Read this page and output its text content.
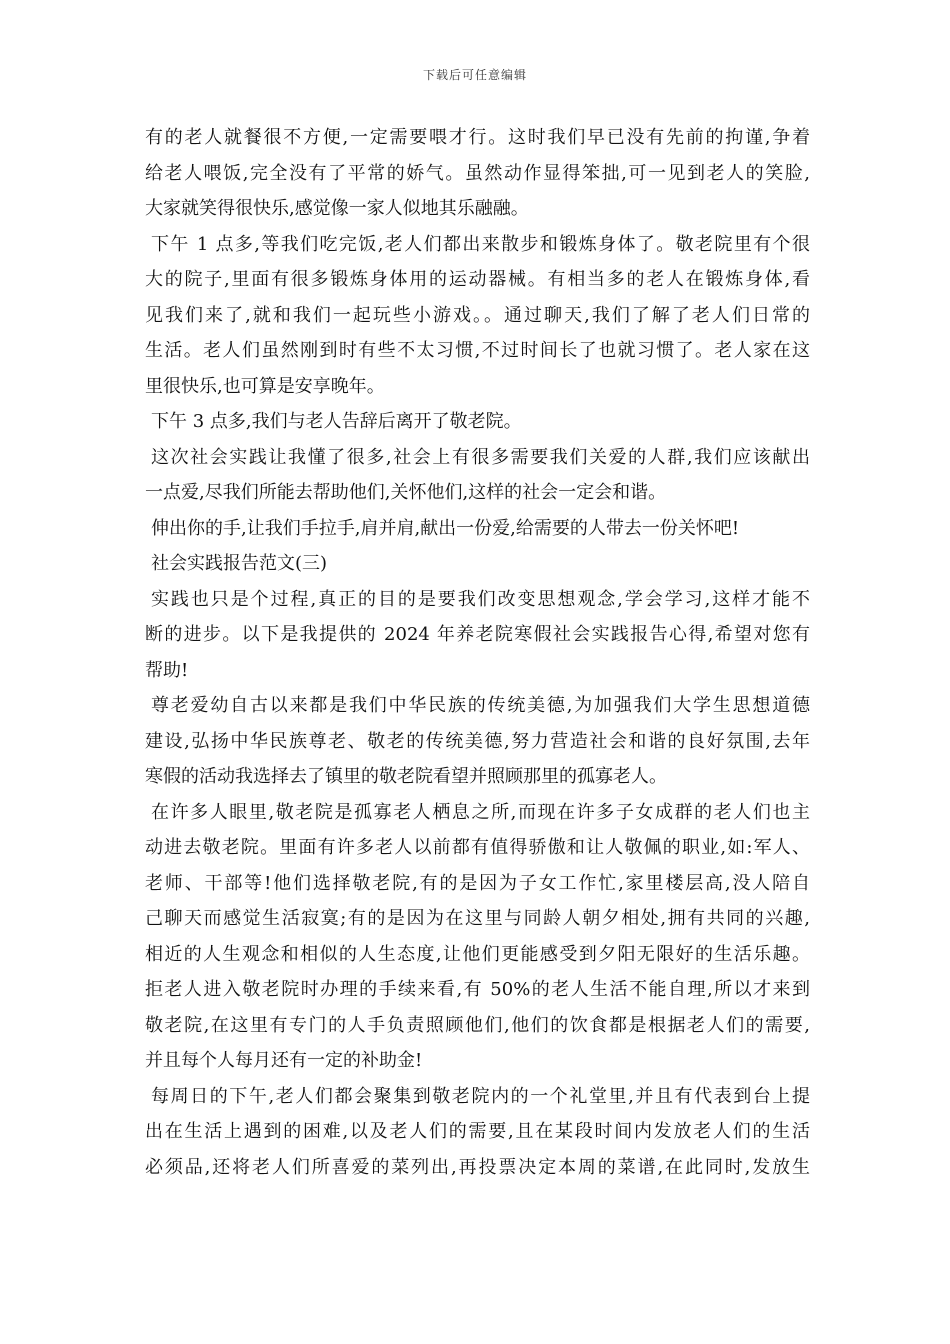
下载后可任意编辑
有的老人就餐很不方便,一定需要喂才行。这时我们早已没有先前的拘谨,争着
给老人喂饭,完全没有了平常的娇气。虽然动作显得笨拙,可一见到老人的笑脸,
大家就笑得很快乐,感觉像一家人似地其乐融融。
下午 1 点多,等我们吃完饭,老人们都出来散步和锻炼身体了。敬老院里有个很
大的院子,里面有很多锻炼身体用的运动器械。有相当多的老人在锻炼身体,看
见我们来了,就和我们一起玩些小游戏。。通过聊天,我们了解了老人们日常的
生活。老人们虽然刚到时有些不太习惯,不过时间长了也就习惯了。老人家在这
里很快乐,也可算是安享晚年。
下午 3 点多,我们与老人告辞后离开了敬老院。
这次社会实践让我懂了很多,社会上有很多需要我们关爱的人群,我们应该献出
一点爱,尽我们所能去帮助他们,关怀他们,这样的社会一定会和谐。
伸出你的手,让我们手拉手,肩并肩,献出一份爱,给需要的人带去一份关怀吧!
社会实践报告范文(三)
实践也只是个过程,真正的目的是要我们改变思想观念,学会学习,这样才能不
断的进步。以下是我提供的 2024 年养老院寒假社会实践报告心得,希望对您有
帮助!
尊老爱幼自古以来都是我们中华民族的传统美德,为加强我们大学生思想道德
建设,弘扬中华民族尊老、敬老的传统美德,努力营造社会和谐的良好氛围,去年
寒假的活动我选择去了镇里的敬老院看望并照顾那里的孤寡老人。
在许多人眼里,敬老院是孤寡老人栖息之所,而现在许多子女成群的老人们也主
动进去敬老院。里面有许多老人以前都有值得骄傲和让人敬佩的职业,如:军人、
老师、干部等!他们选择敬老院,有的是因为子女工作忙,家里楼层高,没人陪自
己聊天而感觉生活寂寞;有的是因为在这里与同龄人朝夕相处,拥有共同的兴趣,
相近的人生观念和相似的人生态度,让他们更能感受到夕阳无限好的生活乐趣。
拒老人进入敬老院时办理的手续来看,有 50%的老人生活不能自理,所以才来到
敬老院,在这里有专门的人手负责照顾他们,他们的饮食都是根据老人们的需要,
并且每个人每月还有一定的补助金!
每周日的下午,老人们都会聚集到敬老院内的一个礼堂里,并且有代表到台上提
出在生活上遇到的困难,以及老人们的需要,且在某段时间内发放老人们的生活
必须品,还将老人们所喜爱的菜列出,再投票决定本周的菜谱,在此同时,发放生
